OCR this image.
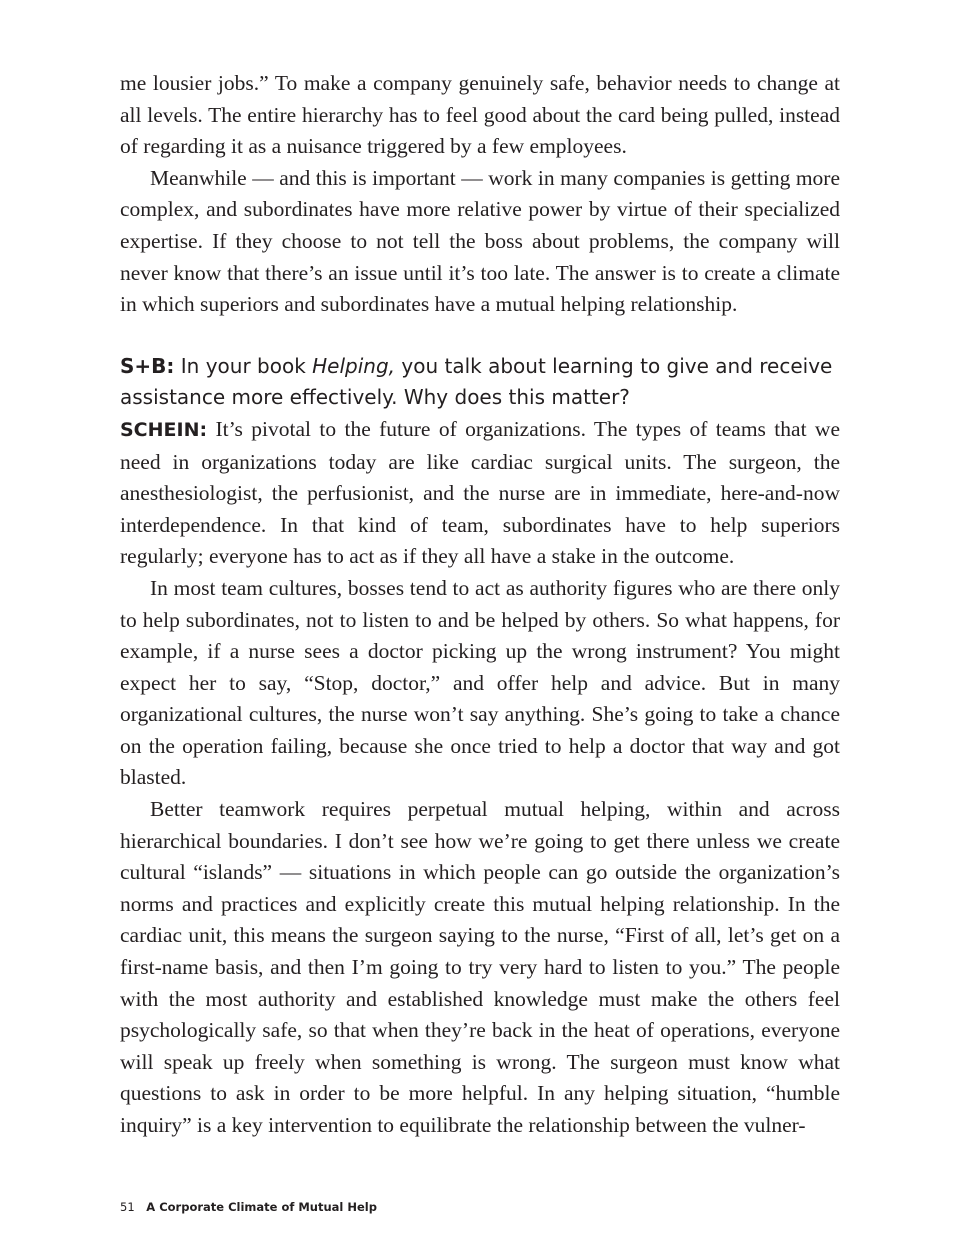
me lousier jobs.” To make a company genuinely safe, behavior needs to change at all levels. The entire hierarchy has to feel good about the card being pulled, instead of regarding it as a nuisance triggered by a few employees.

Meanwhile — and this is important — work in many companies is getting more complex, and subordinates have more relative power by virtue of their specialized expertise. If they choose to not tell the boss about problems, the company will never know that there’s an issue until it’s too late. The answer is to create a climate in which superiors and subordinates have a mutual helping relationship.

S+B: In your book Helping, you talk about learning to give and receive assistance more effectively. Why does this matter?

SCHEIN: It’s pivotal to the future of organizations. The types of teams that we need in organizations today are like cardiac surgical units. The surgeon, the anesthesiologist, the perfusionist, and the nurse are in immediate, here-and-now interdependence. In that kind of team, subordinates have to help superiors regularly; everyone has to act as if they all have a stake in the outcome.

In most team cultures, bosses tend to act as authority figures who are there only to help subordinates, not to listen to and be helped by others. So what happens, for example, if a nurse sees a doctor picking up the wrong instrument? You might expect her to say, “Stop, doctor,” and offer help and advice. But in many organizational cultures, the nurse won’t say anything. She’s going to take a chance on the operation failing, because she once tried to help a doctor that way and got blasted.

Better teamwork requires perpetual mutual helping, within and across hierarchical boundaries. I don’t see how we’re going to get there unless we create cultural “islands” — situations in which people can go outside the organization’s norms and practices and explicitly create this mutual helping relationship. In the cardiac unit, this means the surgeon saying to the nurse, “First of all, let’s get on a first-name basis, and then I’m going to try very hard to listen to you.” The people with the most authority and established knowledge must make the others feel psychologically safe, so that when they’re back in the heat of operations, everyone will speak up freely when something is wrong. The surgeon must know what questions to ask in order to be more helpful. In any helping situation, “humble inquiry” is a key intervention to equilibrate the relationship between the vulner-

51 A Corporate Climate of Mutual Help
